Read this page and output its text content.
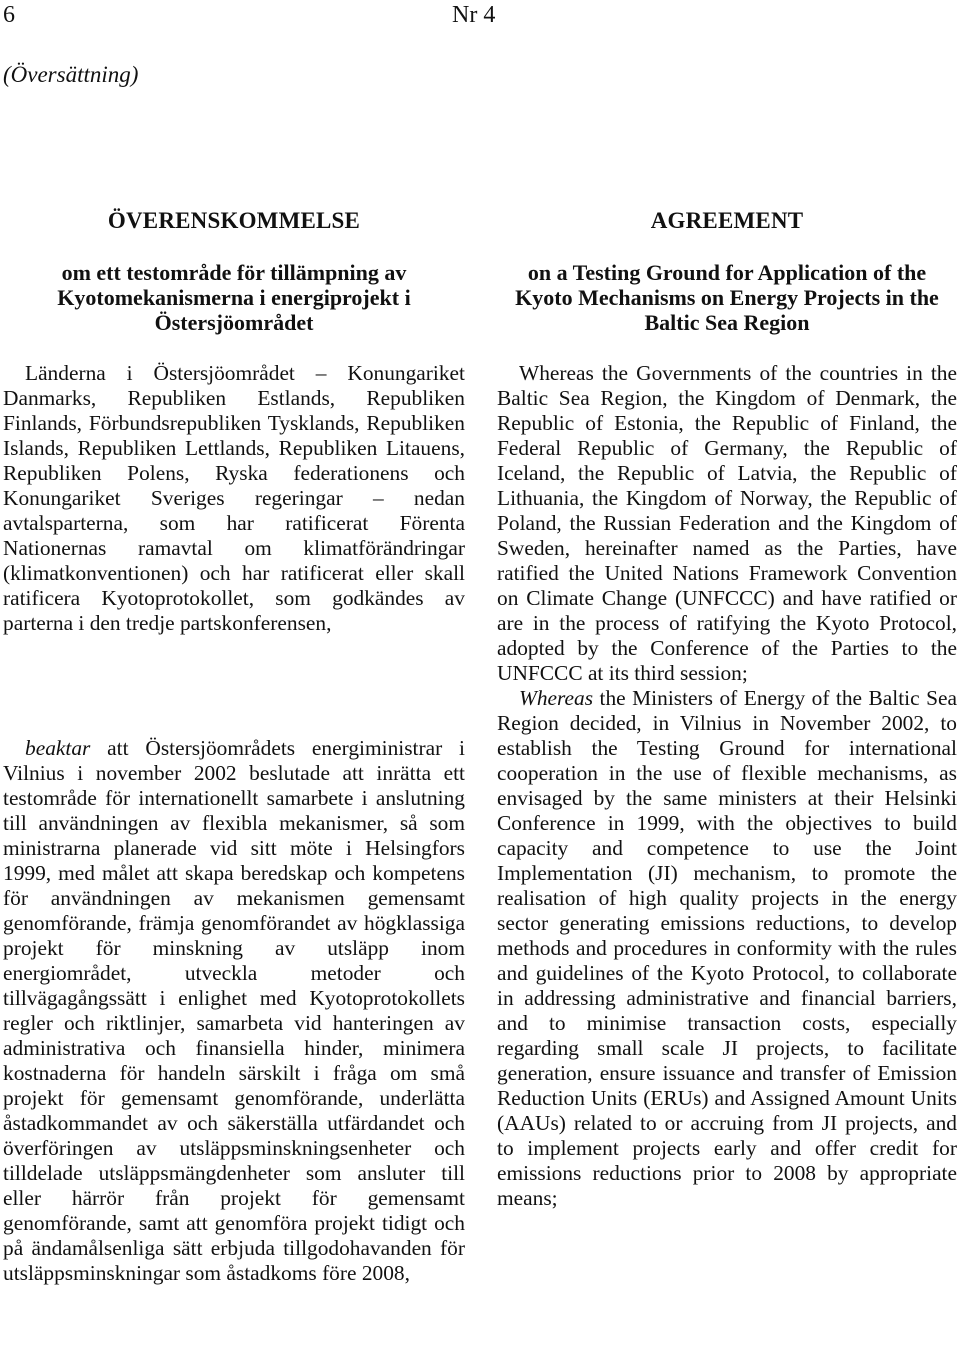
6	Nr 4
(Översättning)
ÖVERENSKOMMELSE
om ett testområde för tillämpning av Kyotomekanismerna i energiprojekt i Östersjöområdet

Länderna i Östersjöområdet – Konungariket Danmarks, Republiken Estlands, Republiken Finlands, Förbundsrepubliken Tysklands, Republiken Islands, Republiken Lettlands, Republiken Litauens, Republiken Polens, Ryska federationens och Konungariket Sveriges regeringar – nedan avtalsparterna, som har ratificerat Förenta Nationernas ramavtal om klimatförändringar (klimatkonventionen) och har ratificerat eller skall ratificera Kyotoprotokollet, som godkändes av parterna i den tredje partskonferensen,

beaktar att Östersjöområdets energiministrar i Vilnius i november 2002 beslutade att inrätta ett testområde för internationellt samarbete i anslutning till användningen av flexibla mekanismer, så som ministrarna planerade vid sitt möte i Helsingfors 1999, med målet att skapa beredskap och kompetens för användningen av mekanismen gemensamt genomförande, främja genomförandet av högklassiga projekt för minskning av utsläpp inom energiområdet, utveckla metoder och tillvägagångssätt i enlighet med Kyotoprotokollets regler och riktlinjer, samarbeta vid hanteringen av administrativa och finansiella hinder, minimera kostnaderna för handeln särskilt i fråga om små projekt för gemensamt genomförande, underlätta åstadkommandet av och säkerställa utfärdandet och överföringen av utsläppsminskningsenheter och tilldelade utsläppsmängdenheter som ansluter till eller härrör från projekt för gemensamt genomförande, samt att genomföra projekt tidigt och på ändamålsenliga sätt erbjuda tillgodohavanden för utsläppsminskningar som åstadkoms före 2008,

AGREEMENT
on a Testing Ground for Application of the Kyoto Mechanisms on Energy Projects in the Baltic Sea Region

Whereas the Governments of the countries in the Baltic Sea Region, the Kingdom of Denmark, the Republic of Estonia, the Republic of Finland, the Federal Republic of Germany, the Republic of Iceland, the Republic of Latvia, the Republic of Lithuania, the Kingdom of Norway, the Republic of Poland, the Russian Federation and the Kingdom of Sweden, hereinafter named as the Parties, have ratified the United Nations Framework Convention on Climate Change (UNFCCC) and have ratified or are in the process of ratifying the Kyoto Protocol, adopted by the Conference of the Parties to the UNFCCC at its third session;

Whereas the Ministers of Energy of the Baltic Sea Region decided, in Vilnius in November 2002, to establish the Testing Ground for international cooperation in the use of flexible mechanisms, as envisaged by the same ministers at their Helsinki Conference in 1999, with the objectives to build capacity and competence to use the Joint Implementation (JI) mechanism, to promote the realisation of high quality projects in the energy sector generating emissions reductions, to develop methods and procedures in conformity with the rules and guidelines of the Kyoto Protocol, to collaborate in addressing administrative and financial barriers, and to minimise transaction costs, especially regarding small scale JI projects, to facilitate generation, ensure issuance and transfer of Emission Reduction Units (ERUs) and Assigned Amount Units (AAUs) related to or accruing from JI projects, and to implement projects early and offer credit for emissions reductions prior to 2008 by appropriate means;
